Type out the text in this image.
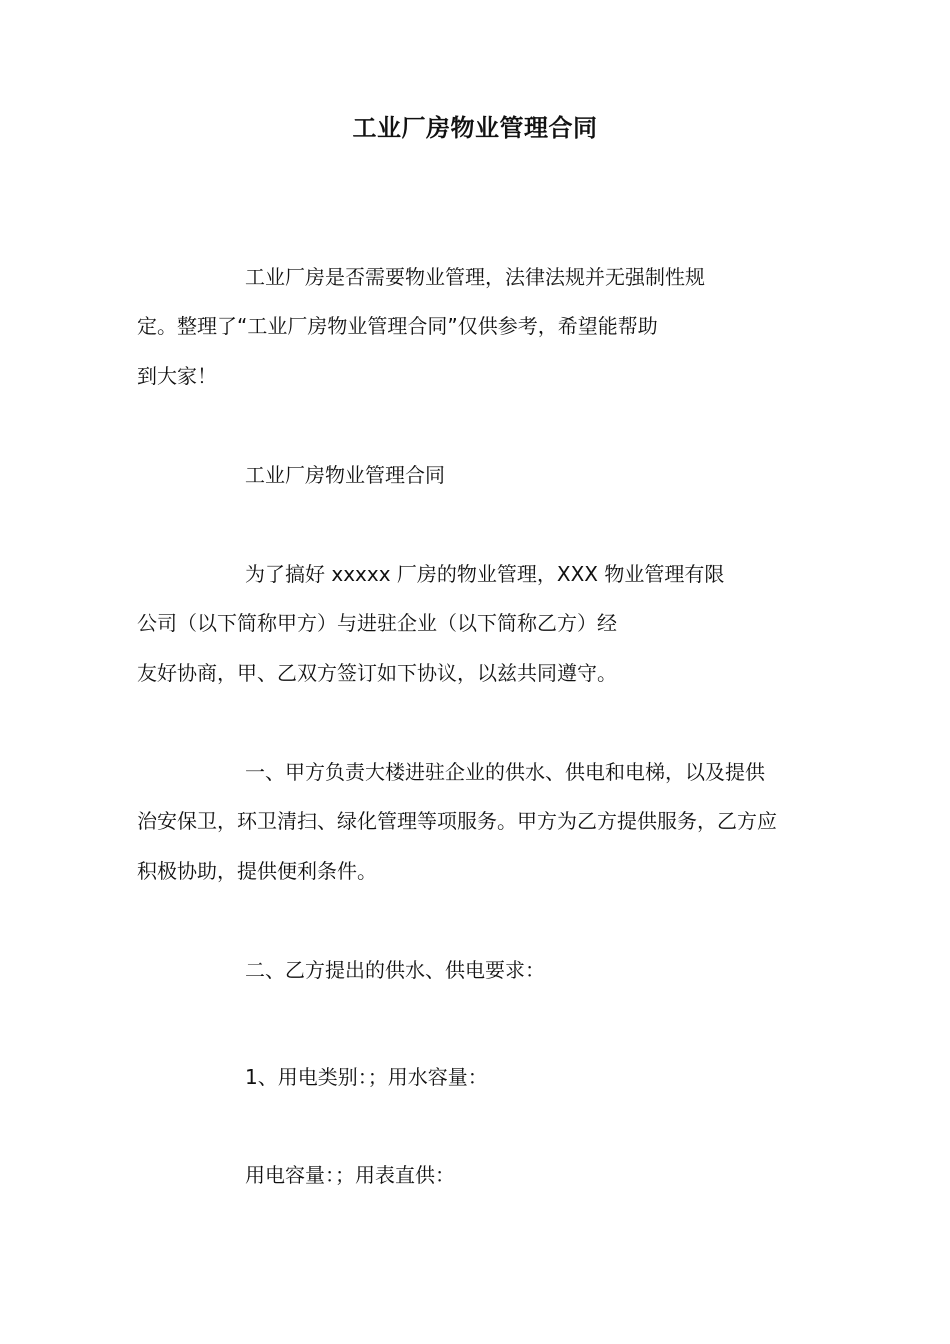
工业厂房物业管理合同
工业厂房是否需要物业管理，法律法规并无强制性规
定。整理了“工业厂房物业管理合同”仅供参考，希望能帮助
到大家！
工业厂房物业管理合同
为了搞好 xxxxx 厂房的物业管理，XXX 物业管理有限
公司（以下简称甲方）与进驻企业（以下简称乙方）经
友好协商，甲、乙双方签订如下协议，以兹共同遵守。
一、甲方负责大楼进驻企业的供水、供电和电梯，以及提供
治安保卫，环卫清扫、绿化管理等项服务。甲方为乙方提供服务，乙方应
积极协助，提供便利条件。
二、乙方提出的供水、供电要求：
1、用电类别：；用水容量：
用电容量：；用表直供：
